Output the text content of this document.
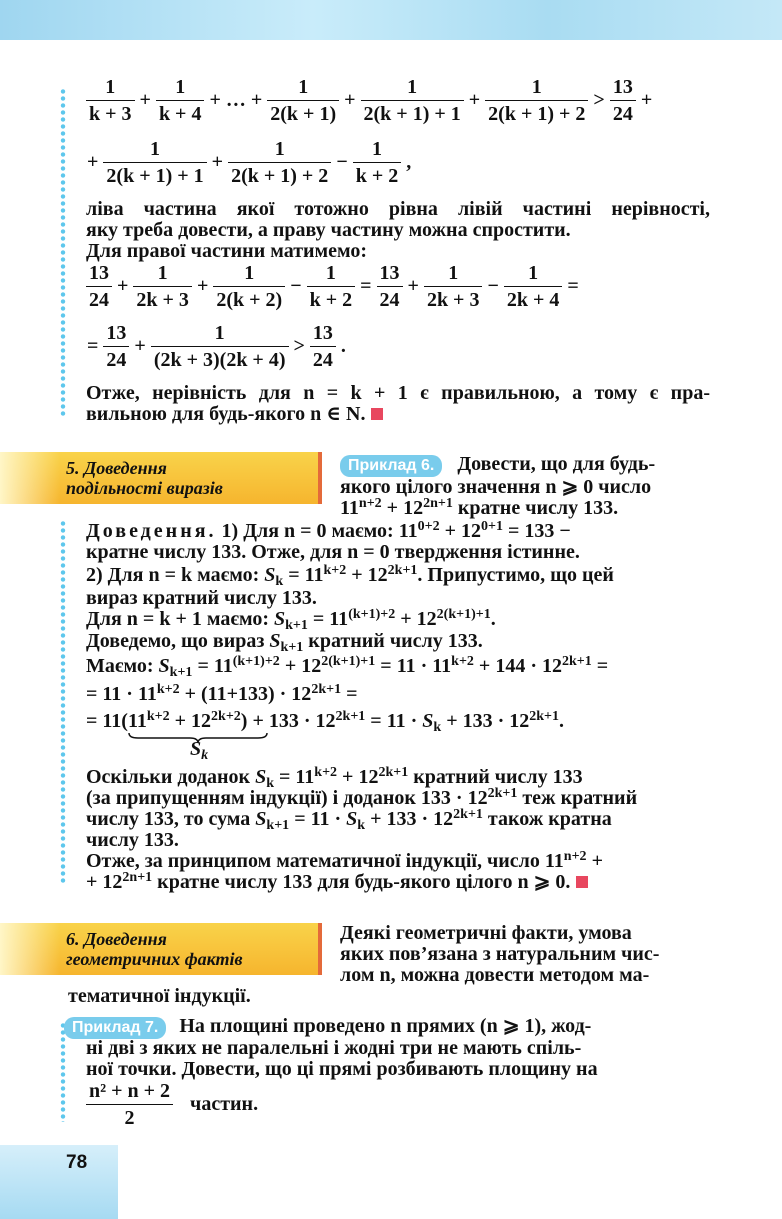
$\frac{1}{k + 3} + \frac{1}{k + 4}$ + … + $\frac{1}{2(k + 1)} + \frac{1}{2(k + 1) + 1} + \frac{1}{2(k + 1) + 2} > \frac{13}{24}$ +
+ $\frac{1}{2(k + 1) + 1} + \frac{1}{2(k + 1) + 2} - \frac{1}{k + 2}$ ,
ліва частина якої тотожно рівна лівій частині нерівності,
яку треба довести, а праву частину можна спростити.
Для правої частини матимемо:
$\frac{13}{24} + \frac{1}{2k + 3} + \frac{1}{2(k + 2)} - \frac{1}{k + 2} = \frac{13}{24} + \frac{1}{2k + 3} - \frac{1}{2k + 4}$ =
= $\frac{13}{24} + \frac{1}{(2k + 3)(2k + 4)} > \frac{13}{24}$ .
Отже, нерівність для n = k + 1 є правильною, а тому є пра-
вильною для будь-якого n ∈ N.
5. Доведення
подільності виразів
Приклад 6. Довести, що для будь-
якого цілого значення n ⩾ 0 число
$11^{n+2} + 12^{2n+1}$ кратне числу 133.
Доведення. 1) Для n = 0 маємо: $11^{0+2} + 12^{0+1} = 133$ −
кратне числу 133. Отже, для n = 0 твердження істинне.
2) Для n = k маємо: $S_k = 11^{k+2} + 12^{2k+1}$. Припустимо, що цей
вираз кратний числу 133.
Для n = k + 1 маємо: $S_{k+1} = 11^{(k+1)+2} + 12^{2(k+1)+1}$.
Доведемо, що вираз $S_{k+1}$ кратний числу 133.
Маємо: $S_{k+1} = 11^{(k+1)+2} + 12^{2(k+1)+1} = 11 \cdot 11^{k+2} + 144 \cdot 12^{2k+1}$ =
= $11 \cdot 11^{k+2} + (11+133) \cdot 12^{2k+1}$ =
= $11(11^{k+2} + 12^{2k+2}$
) + $133 \cdot 12^{2k+1} = 11 \cdot S_k + 133 \cdot 12^{2k+1}$.
$S_k$
Оскільки доданок $S_k = 11^{k+2} + 12^{2k+1}$ кратний числу 133
(за припущенням індукції) і доданок $133 \cdot 12^{2k+1}$ теж кратний
числу 133, то сума $S_{k+1} = 11 \cdot S_k + 133 \cdot 12^{2k+1}$ також кратна
числу 133.
Отже, за принципом математичної індукції, число $11^{n+2}$ +
+ $12^{2n+1}$ кратне числу 133 для будь-якого цілого n ⩾ 0.
6. Доведення
геометричних фактів
Деякі геометричні факти, умова
яких пов’язана з натуральним чис-
лом n, можна довести методом ма-
тематичної індукції.
Приклад 7. На площині проведено n прямих (n ⩾ 1), жод-
ні дві з яких не паралельні і жодні три не мають спіль-
ної точки. Довести, що ці прямі розбивають площину на
$\frac{\text{n² + n + 2}}{2}$ частин.
78
